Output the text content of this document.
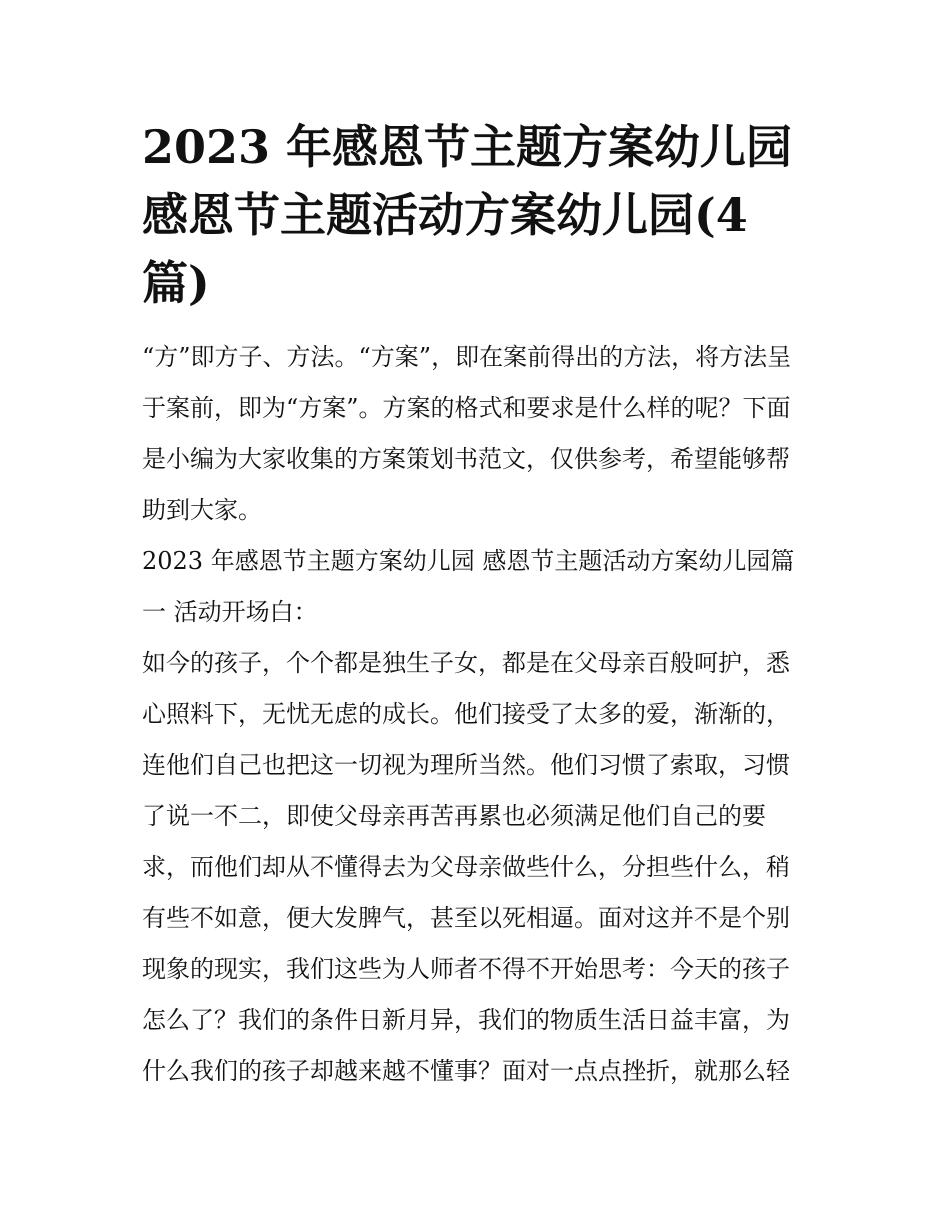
2023 年感恩节主题方案幼儿园
感恩节主题活动方案幼儿园(4
篇)

“方”即方子、方法。“方案”，即在案前得出的方法，将方法呈
于案前，即为“方案”。方案的格式和要求是什么样的呢？下面
是小编为大家收集的方案策划书范文，仅供参考，希望能够帮
助到大家。

2023 年感恩节主题方案幼儿园 感恩节主题活动方案幼儿园篇
一 活动开场白：

如今的孩子，个个都是独生子女，都是在父母亲百般呵护，悉
心照料下，无忧无虑的成长。他们接受了太多的爱，渐渐的，
连他们自己也把这一切视为理所当然。他们习惯了索取，习惯
了说一不二，即使父母亲再苦再累也必须满足他们自己的要
求，而他们却从不懂得去为父母亲做些什么，分担些什么，稍
有些不如意，便大发脾气，甚至以死相逼。面对这并不是个别
现象的现实，我们这些为人师者不得不开始思考：今天的孩子
怎么了？我们的条件日新月异，我们的物质生活日益丰富，为
什么我们的孩子却越来越不懂事？面对一点点挫折，就那么轻
